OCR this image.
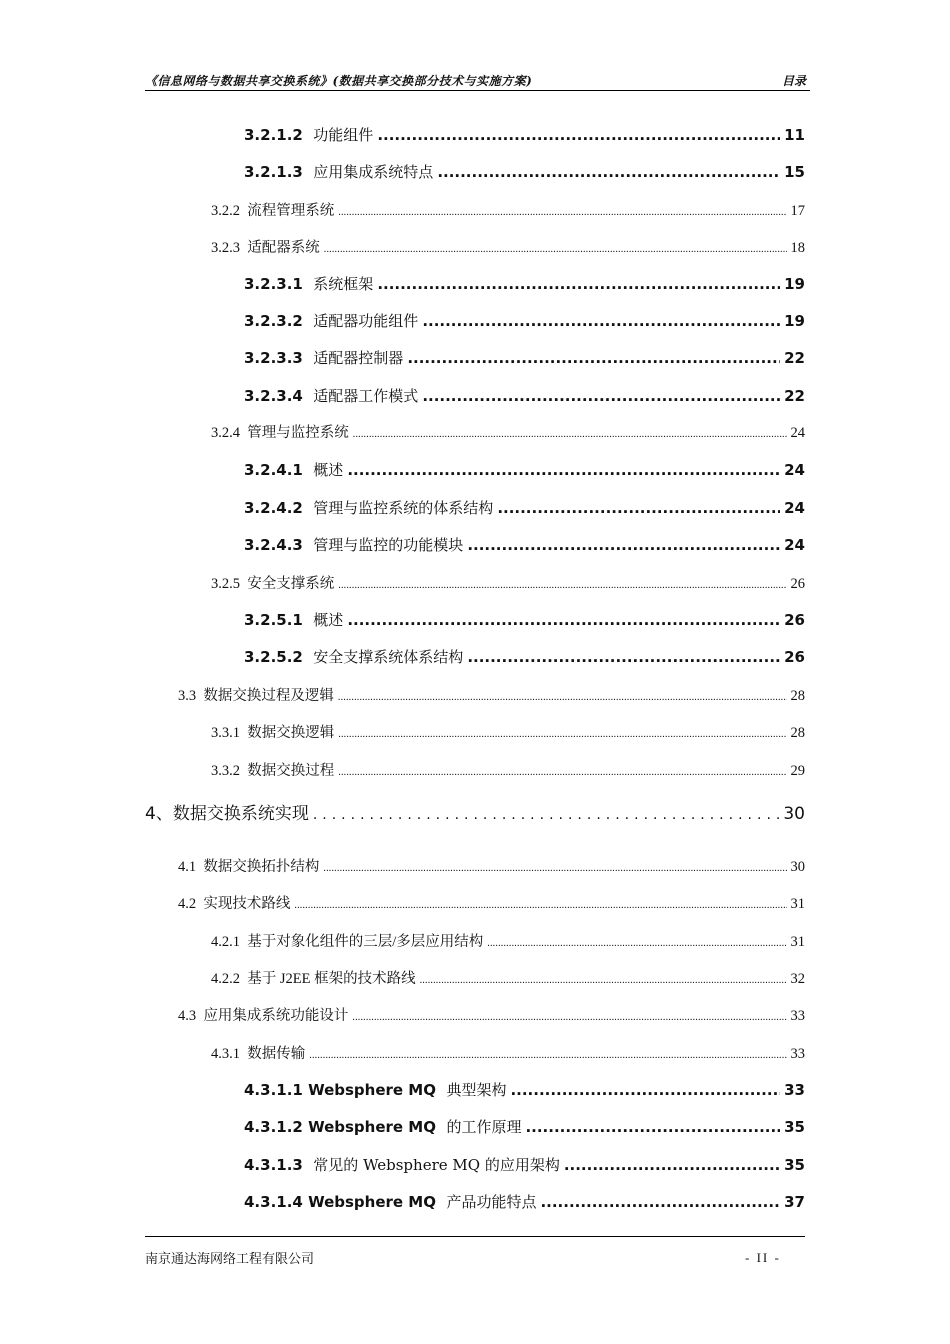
《信息网络与数据共享交换系统》(数据共享交换部分技术与实施方案)	目录
3.2.1.2 功能组件 .....	11
3.2.1.3 应用集成系统特点 .....	15
3.2.2 流程管理系统 .....	17
3.2.3 适配器系统 .....	18
3.2.3.1 系统框架 .....	19
3.2.3.2 适配器功能组件 .....	19
3.2.3.3 适配器控制器 .....	22
3.2.3.4 适配器工作模式 .....	22
3.2.4 管理与监控系统 .....	24
3.2.4.1 概述 .....	24
3.2.4.2 管理与监控系统的体系结构 .....	24
3.2.4.3 管理与监控的功能模块 .....	24
3.2.5 安全支撑系统 .....	26
3.2.5.1 概述 .....	26
3.2.5.2 安全支撑系统体系结构 .....	26
3.3 数据交换过程及逻辑 .....	28
3.3.1 数据交换逻辑 .....	28
3.3.2 数据交换过程 .....	29
4、数据交换系统实现 .....	30
4.1 数据交换拓扑结构 .....	30
4.2 实现技术路线 .....	31
4.2.1 基于对象化组件的三层/多层应用结构 .....	31
4.2.2 基于 J2EE 框架的技术路线 .....	32
4.3 应用集成系统功能设计 .....	33
4.3.1 数据传输 .....	33
4.3.1.1 Websphere MQ 典型架构 .....	33
4.3.1.2 Websphere MQ 的工作原理 .....	35
4.3.1.3 常见的 Websphere MQ 的应用架构 .....	35
4.3.1.4 Websphere MQ 产品功能特点 .....	37
南京通达海网络工程有限公司	- II -
